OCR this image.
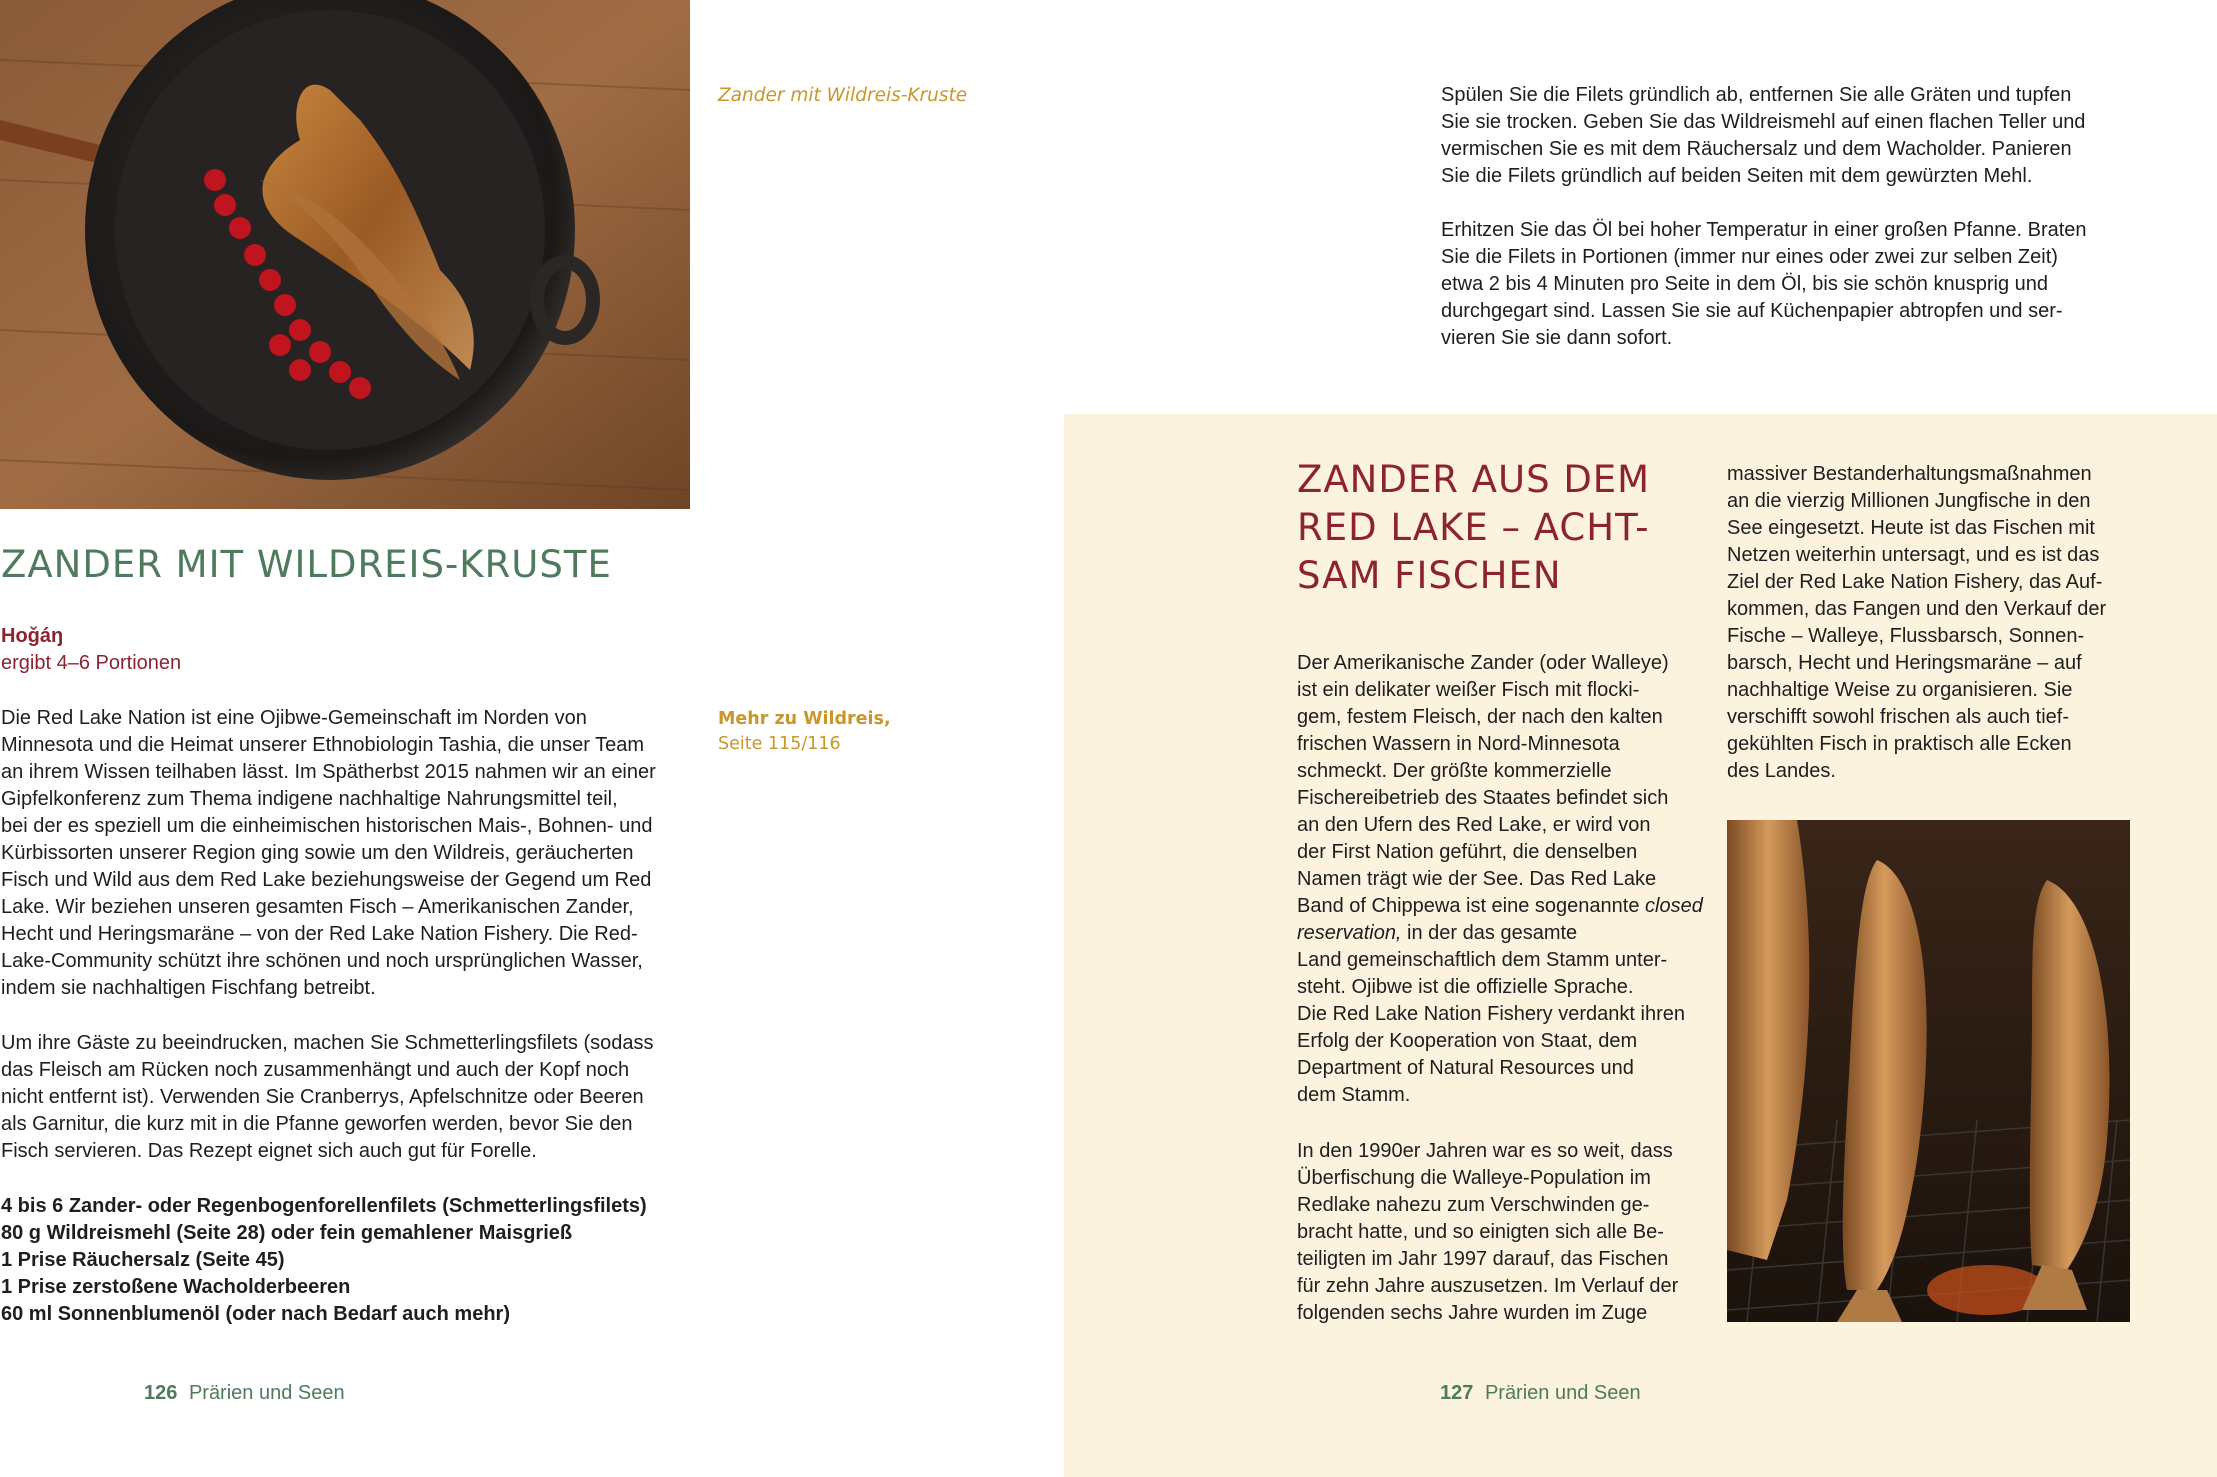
Zander mit Wildreis-Kruste
ZANDER MIT WILDREIS-KRUSTE
Hoǧáŋ
ergibt 4–6 Portionen
Die Red Lake Nation ist eine Ojibwe-Gemeinschaft im Norden von
Minnesota und die Heimat unserer Ethnobiologin Tashia, die unser Team
an ihrem Wissen teilhaben lässt. Im Spätherbst 2015 nahmen wir an einer
Gipfelkonferenz zum Thema indigene nachhaltige Nahrungsmittel teil,
bei der es speziell um die einheimischen historischen Mais-, Bohnen- und
Kürbissorten unserer Region ging sowie um den Wildreis, geräucherten
Fisch und Wild aus dem Red Lake beziehungsweise der Gegend um Red
Lake. Wir beziehen unseren gesamten Fisch – Amerikanischen Zander,
Hecht und Heringsmaräne – von der Red Lake Nation Fishery. Die Red-
Lake-Community schützt ihre schönen und noch ursprünglichen Wasser,
indem sie nachhaltigen Fischfang betreibt.
Um ihre Gäste zu beeindrucken, machen Sie Schmetterlingsfilets (sodass
das Fleisch am Rücken noch zusammenhängt und auch der Kopf noch
nicht entfernt ist). Verwenden Sie Cranberrys, Apfelschnitze oder Beeren
als Garnitur, die kurz mit in die Pfanne geworfen werden, bevor Sie den
Fisch servieren. Das Rezept eignet sich auch gut für Forelle.
4 bis 6 Zander- oder Regenbogenforellenfilets (Schmetterlingsfilets)
80 g Wildreismehl (Seite 28) oder fein gemahlener Maisgrieß
1 Prise Räuchersalz (Seite 45)
1 Prise zerstoßene Wacholderbeeren
60 ml Sonnenblumenöl (oder nach Bedarf auch mehr)
Mehr zu Wildreis,
Seite 115/116
126 Prärien und Seen
Spülen Sie die Filets gründlich ab, entfernen Sie alle Gräten und tupfen
Sie sie trocken. Geben Sie das Wildreismehl auf einen flachen Teller und
vermischen Sie es mit dem Räuchersalz und dem Wacholder. Panieren
Sie die Filets gründlich auf beiden Seiten mit dem gewürzten Mehl.
Erhitzen Sie das Öl bei hoher Temperatur in einer großen Pfanne. Braten
Sie die Filets in Portionen (immer nur eines oder zwei zur selben Zeit)
etwa 2 bis 4 Minuten pro Seite in dem Öl, bis sie schön knusprig und
durchgegart sind. Lassen Sie sie auf Küchenpapier abtropfen und ser-
vieren Sie sie dann sofort.
ZANDER AUS DEM
RED LAKE – ACHT-
SAM FISCHEN
Der Amerikanische Zander (oder Walleye)
ist ein delikater weißer Fisch mit flocki-
gem, festem Fleisch, der nach den kalten
frischen Wassern in Nord-Minnesota
schmeckt. Der größte kommerzielle
Fischereibetrieb des Staates befindet sich
an den Ufern des Red Lake, er wird von
der First Nation geführt, die denselben
Namen trägt wie der See. Das Red Lake
Band of Chippewa ist eine sogenannte closed reservation, in der das gesamte
Land gemeinschaftlich dem Stamm unter-
steht. Ojibwe ist die offizielle Sprache.
Die Red Lake Nation Fishery verdankt ihren
Erfolg der Kooperation von Staat, dem
Department of Natural Resources und
dem Stamm.
In den 1990er Jahren war es so weit, dass
Überfischung die Walleye-Population im
Redlake nahezu zum Verschwinden ge-
bracht hatte, und so einigten sich alle Be-
teiligten im Jahr 1997 darauf, das Fischen
für zehn Jahre auszusetzen. Im Verlauf der
folgenden sechs Jahre wurden im Zuge
massiver Bestanderhaltungsmaßnahmen
an die vierzig Millionen Jungfische in den
See eingesetzt. Heute ist das Fischen mit
Netzen weiterhin untersagt, und es ist das
Ziel der Red Lake Nation Fishery, das Auf-
kommen, das Fangen und den Verkauf der
Fische – Walleye, Flussbarsch, Sonnen-
barsch, Hecht und Heringsmaräne – auf
nachhaltige Weise zu organisieren. Sie
verschifft sowohl frischen als auch tief-
gekühlten Fisch in praktisch alle Ecken
des Landes.
127 Prärien und Seen
